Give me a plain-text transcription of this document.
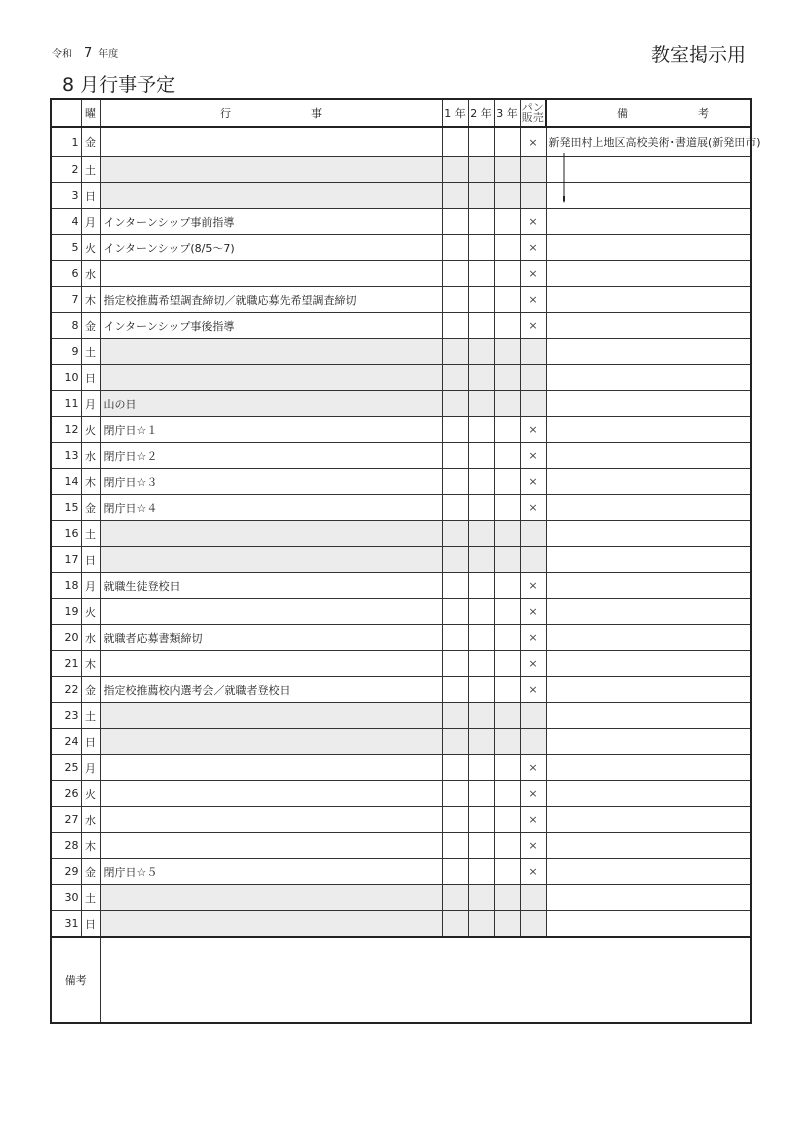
令和 7 年度	教室掲示用
8 月行事予定
	曜	行事	1 年	2 年	3 年	パン販売	備考
1	金					×	新発田村上地区高校美術･書道展(新発田市)
2	土						
3	日						
4	月	インターンシップ事前指導				×	
5	火	インターンシップ(8/5〜7)				×	
6	水					×	
7	木	指定校推薦希望調査締切／就職応募先希望調査締切				×	
8	金	インターンシップ事後指導				×	
9	土						
10	日						
11	月	山の日					
12	火	閉庁日☆１				×	
13	水	閉庁日☆２				×	
14	木	閉庁日☆３				×	
15	金	閉庁日☆４				×	
16	土						
17	日						
18	月	就職生徒登校日				×	
19	火					×	
20	水	就職者応募書類締切				×	
21	木					×	
22	金	指定校推薦校内選考会／就職者登校日				×	
23	土						
24	日						
25	月					×	
26	火					×	
27	水					×	
28	木					×	
29	金	閉庁日☆５				×	
30	土						
31	日						
備考							
